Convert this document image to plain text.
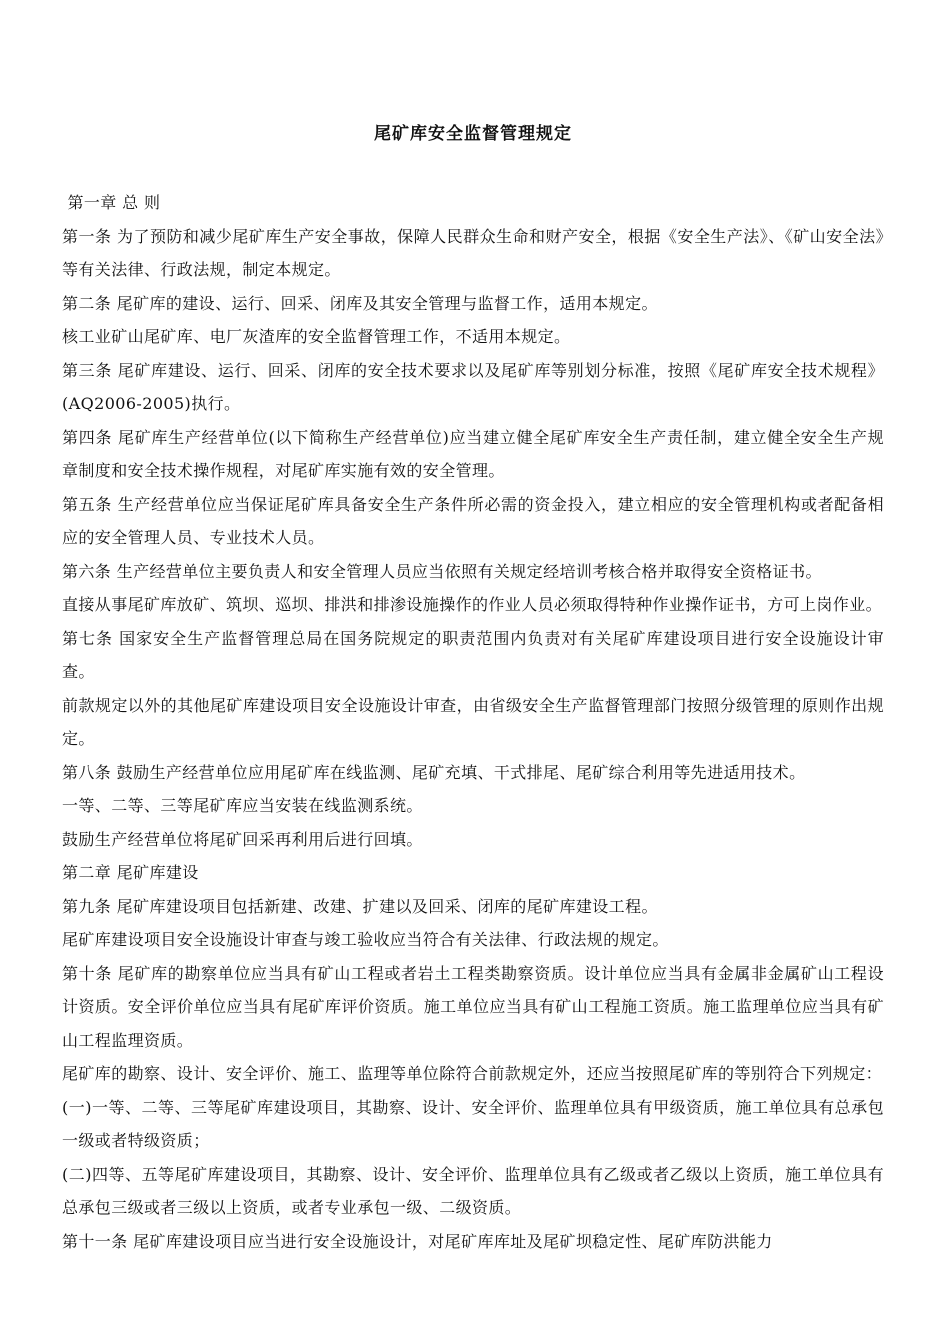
尾矿库安全监督管理规定

第一章 总 则

第一条 为了预防和减少尾矿库生产安全事故，保障人民群众生命和财产安全，根据《安全生产法》、《矿山安全法》等有关法律、行政法规，制定本规定。

第二条 尾矿库的建设、运行、回采、闭库及其安全管理与监督工作，适用本规定。

核工业矿山尾矿库、电厂灰渣库的安全监督管理工作，不适用本规定。

第三条 尾矿库建设、运行、回采、闭库的安全技术要求以及尾矿库等别划分标准，按照《尾矿库安全技术规程》(AQ2006-2005)执行。

第四条 尾矿库生产经营单位(以下简称生产经营单位)应当建立健全尾矿库安全生产责任制，建立健全安全生产规章制度和安全技术操作规程，对尾矿库实施有效的安全管理。

第五条 生产经营单位应当保证尾矿库具备安全生产条件所必需的资金投入，建立相应的安全管理机构或者配备相应的安全管理人员、专业技术人员。

第六条 生产经营单位主要负责人和安全管理人员应当依照有关规定经培训考核合格并取得安全资格证书。

直接从事尾矿库放矿、筑坝、巡坝、排洪和排渗设施操作的作业人员必须取得特种作业操作证书，方可上岗作业。

第七条 国家安全生产监督管理总局在国务院规定的职责范围内负责对有关尾矿库建设项目进行安全设施设计审查。

前款规定以外的其他尾矿库建设项目安全设施设计审查，由省级安全生产监督管理部门按照分级管理的原则作出规定。

第八条 鼓励生产经营单位应用尾矿库在线监测、尾矿充填、干式排尾、尾矿综合利用等先进适用技术。

一等、二等、三等尾矿库应当安装在线监测系统。

鼓励生产经营单位将尾矿回采再利用后进行回填。

第二章 尾矿库建设

第九条 尾矿库建设项目包括新建、改建、扩建以及回采、闭库的尾矿库建设工程。

尾矿库建设项目安全设施设计审查与竣工验收应当符合有关法律、行政法规的规定。

第十条 尾矿库的勘察单位应当具有矿山工程或者岩土工程类勘察资质。设计单位应当具有金属非金属矿山工程设计资质。安全评价单位应当具有尾矿库评价资质。施工单位应当具有矿山工程施工资质。施工监理单位应当具有矿山工程监理资质。

尾矿库的勘察、设计、安全评价、施工、监理等单位除符合前款规定外，还应当按照尾矿库的等别符合下列规定：

(一)一等、二等、三等尾矿库建设项目，其勘察、设计、安全评价、监理单位具有甲级资质，施工单位具有总承包一级或者特级资质；

(二)四等、五等尾矿库建设项目，其勘察、设计、安全评价、监理单位具有乙级或者乙级以上资质，施工单位具有总承包三级或者三级以上资质，或者专业承包一级、二级资质。

第十一条 尾矿库建设项目应当进行安全设施设计，对尾矿库库址及尾矿坝稳定性、尾矿库防洪能力
